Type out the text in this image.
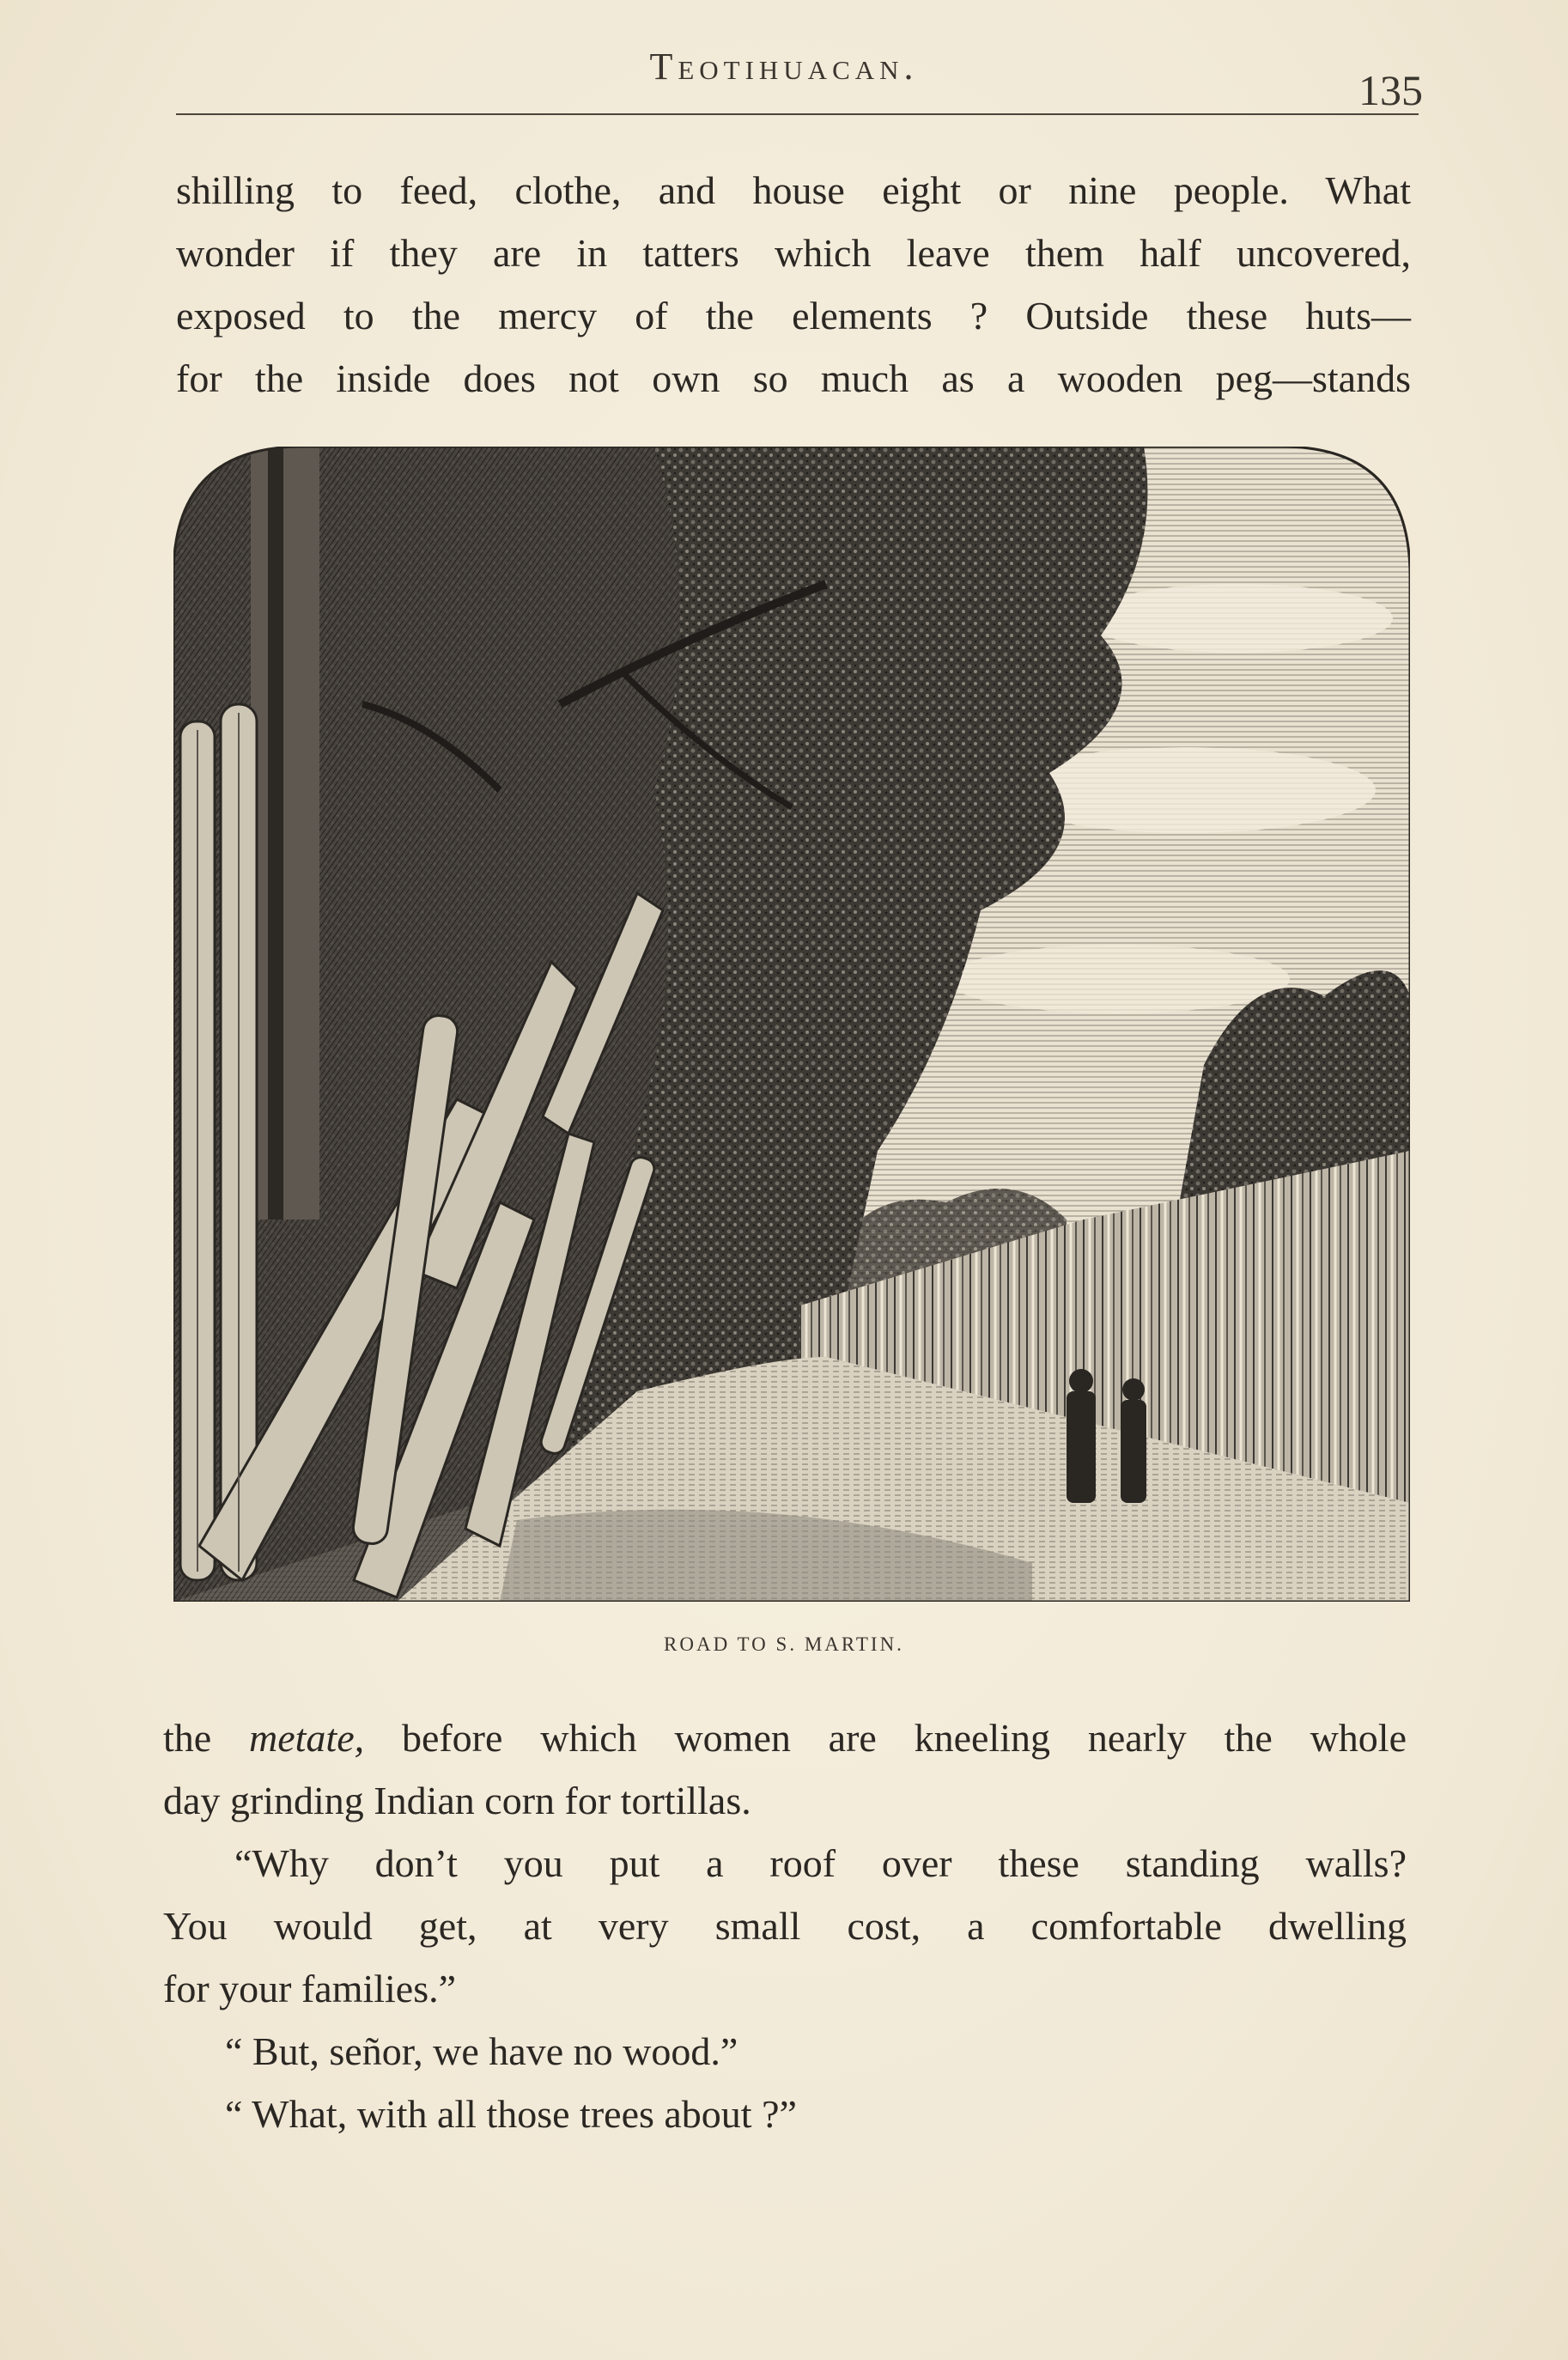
Teotihuacan.	135
shilling to feed, clothe, and house eight or nine people. What
wonder if they are in tatters which leave them half uncovered,
exposed to the mercy of the elements ? Outside these huts—
for the inside does not own so much as a wooden peg—stands
ROAD TO S. MARTIN.
the metate, before which women are kneeling nearly the whole
day grinding Indian corn for tortillas.
“Why don’t you put a roof over these standing walls?
You would get, at very small cost, a comfortable dwelling
for your families.”
“ But, señor, we have no wood.”
“ What, with all those trees about ?”
